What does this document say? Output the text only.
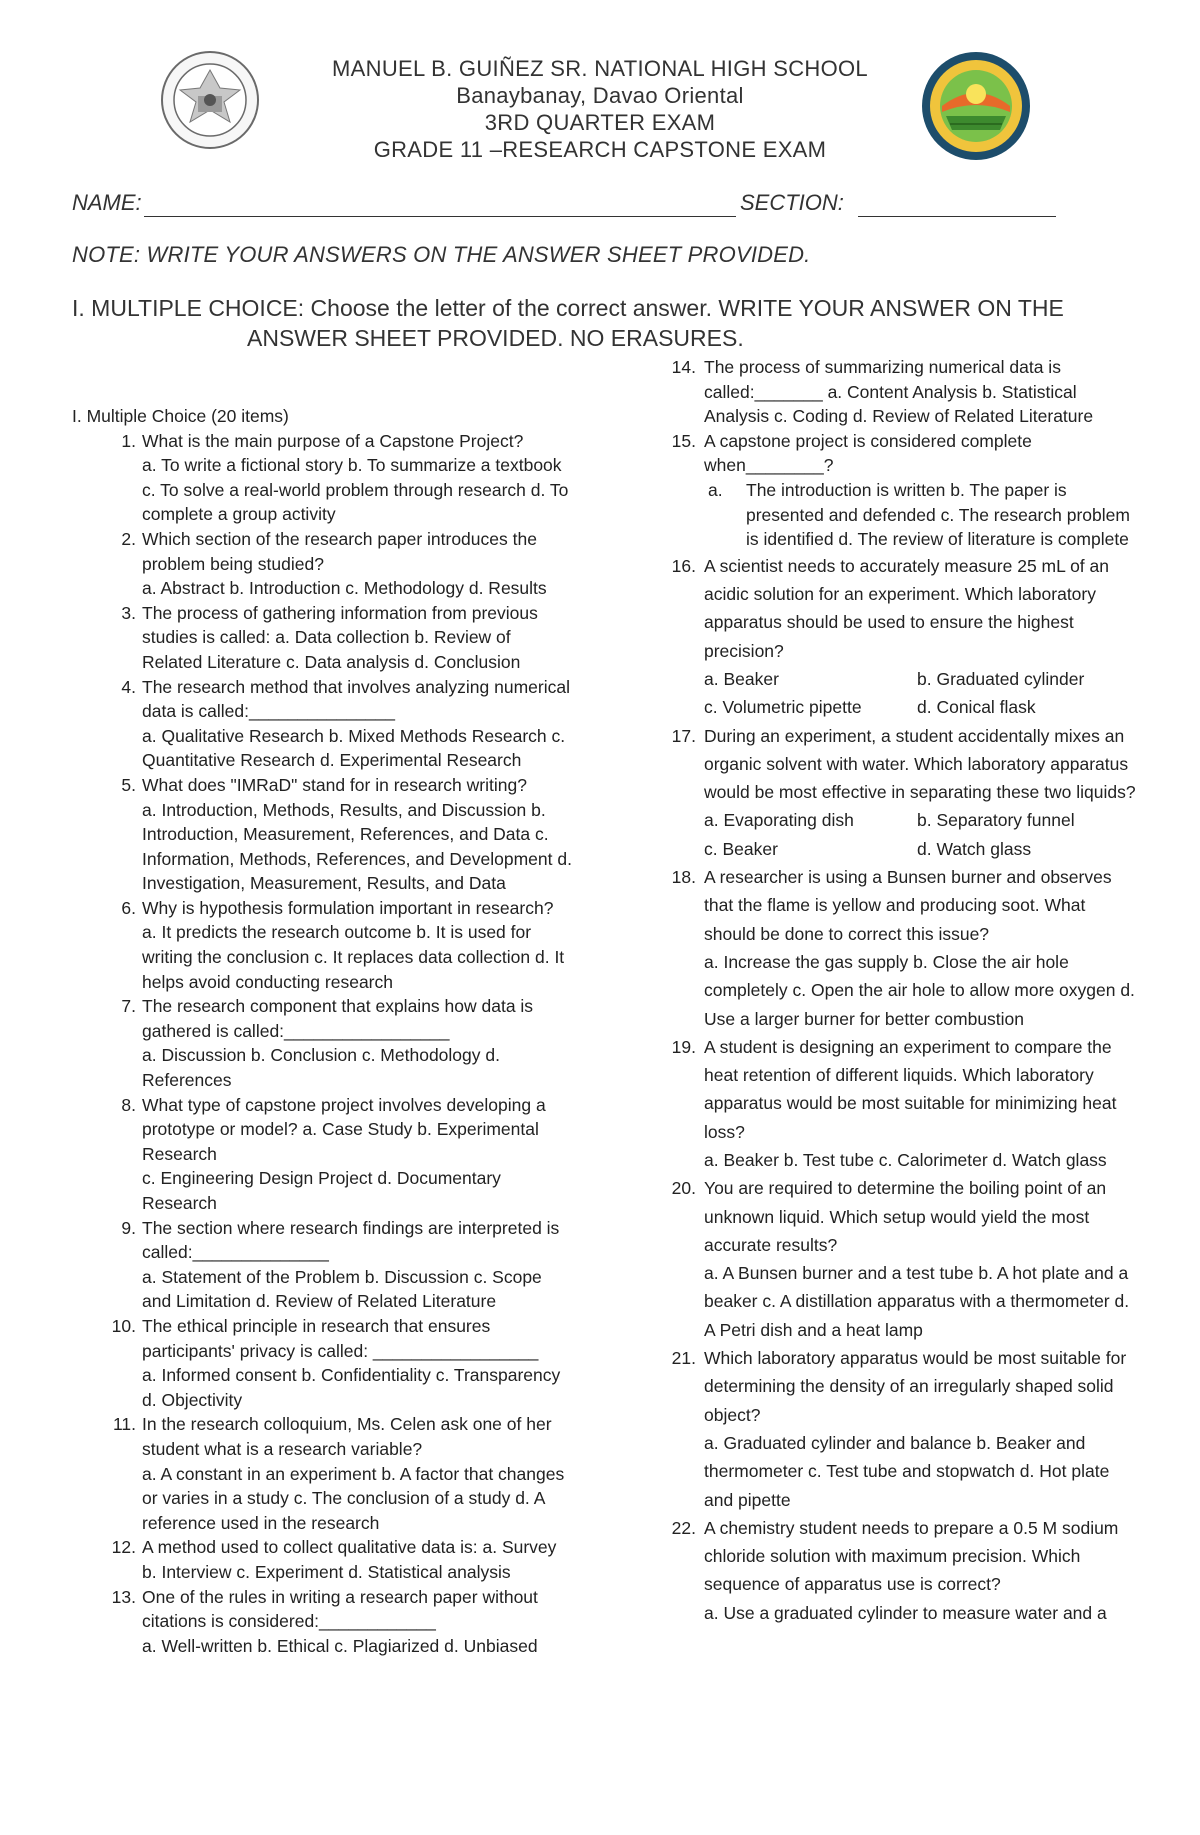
MANUEL B. GUIÑEZ SR. NATIONAL HIGH SCHOOL
Banaybanay, Davao Oriental
3RD QUARTER EXAM
GRADE 11 –RESEARCH CAPSTONE EXAM
NAME:	SECTION:
NOTE: WRITE YOUR ANSWERS ON THE ANSWER SHEET PROVIDED.
I. MULTIPLE CHOICE: Choose the letter of the correct answer. WRITE YOUR ANSWER ON THE
ANSWER SHEET PROVIDED. NO ERASURES.
I. Multiple Choice (20 items)
1. What is the main purpose of a Capstone Project?
a. To write a fictional story b. To summarize a textbook c. To solve a real-world problem through research d. To complete a group activity
2. Which section of the research paper introduces the problem being studied?
a. Abstract b. Introduction c. Methodology d. Results
3. The process of gathering information from previous studies is called: a. Data collection b. Review of Related Literature c. Data analysis d. Conclusion
4. The research method that involves analyzing numerical data is called:_______________
a. Qualitative Research b. Mixed Methods Research c. Quantitative Research d. Experimental Research
5. What does "IMRaD" stand for in research writing?
a. Introduction, Methods, Results, and Discussion b. Introduction, Measurement, References, and Data c. Information, Methods, References, and Development d. Investigation, Measurement, Results, and Data
6. Why is hypothesis formulation important in research?
a. It predicts the research outcome b. It is used for writing the conclusion c. It replaces data collection d. It helps avoid conducting research
7. The research component that explains how data is gathered is called:_________________
a. Discussion b. Conclusion c. Methodology d. References
8. What type of capstone project involves developing a prototype or model? a. Case Study b. Experimental Research
c. Engineering Design Project d. Documentary Research
9. The section where research findings are interpreted is called:______________
a. Statement of the Problem b. Discussion c. Scope and Limitation d. Review of Related Literature
10. The ethical principle in research that ensures participants' privacy is called: _________________
a. Informed consent b. Confidentiality c. Transparency d. Objectivity
11. In the research colloquium, Ms. Celen ask one of her student what is a research variable?
a. A constant in an experiment b. A factor that changes or varies in a study c. The conclusion of a study d. A reference used in the research
12. A method used to collect qualitative data is: a. Survey b. Interview c. Experiment d. Statistical analysis
13. One of the rules in writing a research paper without citations is considered:____________
a. Well-written b. Ethical c. Plagiarized d. Unbiased
14. The process of summarizing numerical data is called:_______ a. Content Analysis b. Statistical Analysis c. Coding d. Review of Related Literature
15. A capstone project is considered complete when________?
a. The introduction is written b. The paper is presented and defended c. The research problem is identified d. The review of literature is complete
16. A scientist needs to accurately measure 25 mL of an acidic solution for an experiment. Which laboratory apparatus should be used to ensure the highest precision?
a. Beaker	b. Graduated cylinder
c. Volumetric pipette	d. Conical flask
17. During an experiment, a student accidentally mixes an organic solvent with water. Which laboratory apparatus would be most effective in separating these two liquids?
a. Evaporating dish	b. Separatory funnel
c. Beaker	d. Watch glass
18. A researcher is using a Bunsen burner and observes that the flame is yellow and producing soot. What should be done to correct this issue?
a. Increase the gas supply b. Close the air hole completely c. Open the air hole to allow more oxygen d. Use a larger burner for better combustion
19. A student is designing an experiment to compare the heat retention of different liquids. Which laboratory apparatus would be most suitable for minimizing heat loss?
a. Beaker b. Test tube c. Calorimeter d. Watch glass
20. You are required to determine the boiling point of an unknown liquid. Which setup would yield the most accurate results?
a. A Bunsen burner and a test tube b. A hot plate and a beaker c. A distillation apparatus with a thermometer d. A Petri dish and a heat lamp
21. Which laboratory apparatus would be most suitable for determining the density of an irregularly shaped solid object?
a. Graduated cylinder and balance b. Beaker and thermometer c. Test tube and stopwatch d. Hot plate and pipette
22. A chemistry student needs to prepare a 0.5 M sodium chloride solution with maximum precision. Which sequence of apparatus use is correct?
a. Use a graduated cylinder to measure water and a
